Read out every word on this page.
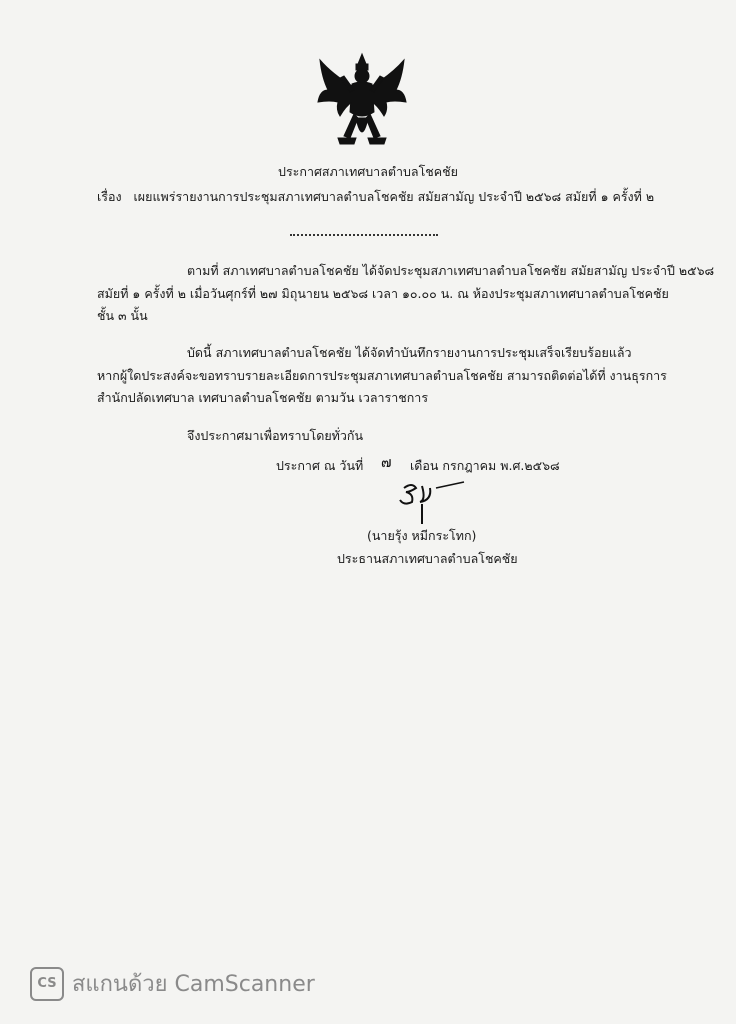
ประกาศสภาเทศบาลตำบลโชคชัย
เรื่อง เผยแพร่รายงานการประชุมสภาเทศบาลตำบลโชคชัย สมัยสามัญ ประจำปี ๒๕๖๘ สมัยที่ ๑ ครั้งที่ ๒
ตามที่ สภาเทศบาลตำบลโชคชัย ได้จัดประชุมสภาเทศบาลตำบลโชคชัย สมัยสามัญ ประจำปี ๒๕๖๘
สมัยที่ ๑ ครั้งที่ ๒ เมื่อวันศุกร์ที่ ๒๗ มิถุนายน ๒๕๖๘ เวลา ๑๐.๐๐ น. ณ ห้องประชุมสภาเทศบาลตำบลโชคชัย
ชั้น ๓ นั้น
บัดนี้ สภาเทศบาลตำบลโชคชัย ได้จัดทำบันทึกรายงานการประชุมเสร็จเรียบร้อยแล้ว
หากผู้ใดประสงค์จะขอทราบรายละเอียดการประชุมสภาเทศบาลตำบลโชคชัย สามารถติดต่อได้ที่ งานธุรการ
สำนักปลัดเทศบาล เทศบาลตำบลโชคชัย ตามวัน เวลาราชการ
จึงประกาศมาเพื่อทราบโดยทั่วกัน
ประกาศ ณ วันที่ ๗ เดือน กรกฎาคม พ.ศ.๒๕๖๘
(นายรุ้ง หมีกระโทก)
ประธานสภาเทศบาลตำบลโชคชัย
CS สแกนด้วย CamScanner
